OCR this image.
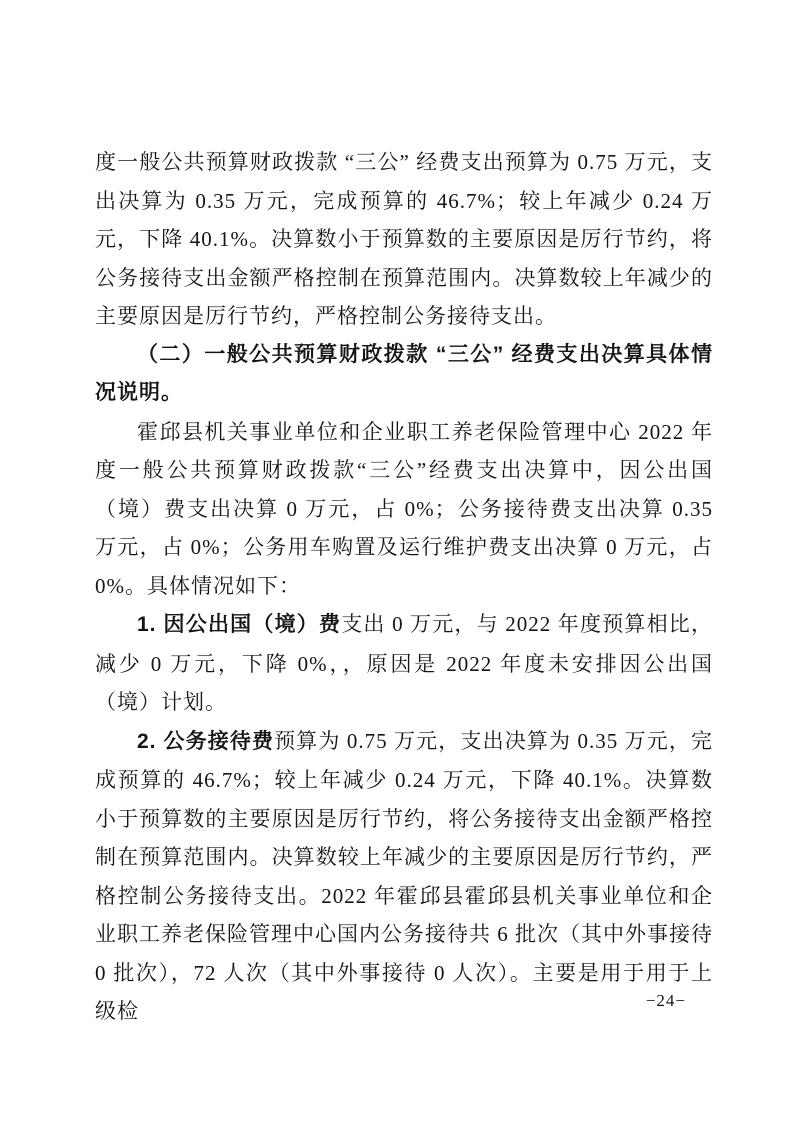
度一般公共预算财政拨款 “三公” 经费支出预算为 0.75 万元，支出决算为 0.35 万元，完成预算的 46.7%；较上年减少 0.24 万元，下降 40.1%。决算数小于预算数的主要原因是厉行节约，将公务接待支出金额严格控制在预算范围内。决算数较上年减少的主要原因是厉行节约，严格控制公务接待支出。

（二）一般公共预算财政拨款 “三公” 经费支出决算具体情况说明。

霍邱县机关事业单位和企业职工养老保险管理中心 2022 年度一般公共预算财政拨款“三公”经费支出决算中，因公出国（境）费支出决算 0 万元，占 0%；公务接待费支出决算 0.35 万元，占 0%；公务用车购置及运行维护费支出决算 0 万元，占 0%。具体情况如下：

1. 因公出国（境）费支出 0 万元，与 2022 年度预算相比，减少 0 万元，下降 0%，，原因是 2022 年度未安排因公出国（境）计划。

2. 公务接待费预算为 0.75 万元，支出决算为 0.35 万元，完成预算的 46.7%；较上年减少 0.24 万元，下降 40.1%。决算数小于预算数的主要原因是厉行节约，将公务接待支出金额严格控制在预算范围内。决算数较上年减少的主要原因是厉行节约，严格控制公务接待支出。2022 年霍邱县霍邱县机关事业单位和企业职工养老保险管理中心国内公务接待共 6 批次（其中外事接待 0 批次），72 人次（其中外事接待 0 人次）。主要是用于用于上级检	−24−
